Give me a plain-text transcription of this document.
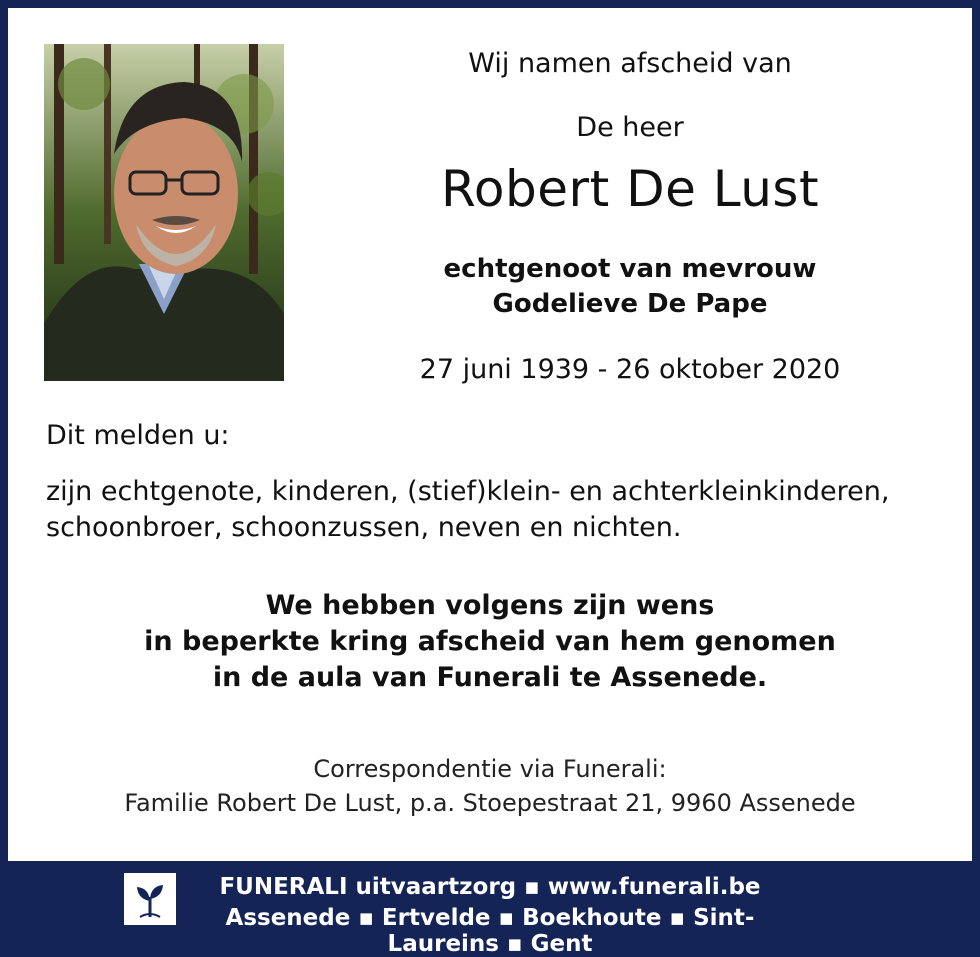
Wij namen afscheid van
De heer
Robert De Lust
echtgenoot van mevrouw
Godelieve De Pape
27 juni 1939 - 26 oktober 2020
Dit melden u:
zijn echtgenote, kinderen, (stief)klein- en achterkleinkinderen,
schoonbroer, schoonzussen, neven en nichten.
We hebben volgens zijn wens
in beperkte kring afscheid van hem genomen
in de aula van Funerali te Assenede.
Correspondentie via Funerali:
Familie Robert De Lust, p.a. Stoepestraat 21, 9960 Assenede
FUNERALI uitvaartzorg ▪ www.funerali.be
Assenede ▪ Ertvelde ▪ Boekhoute ▪ Sint-Laureins ▪ Gent
